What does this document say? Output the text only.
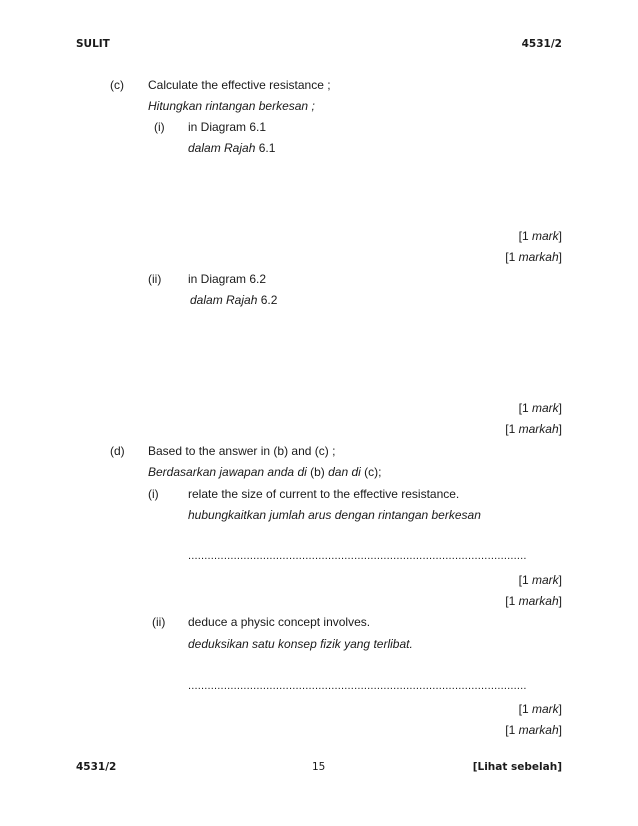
SULIT	4531/2
(c) Calculate the effective resistance ;
Hitungkan rintangan berkesan ;
(i) in Diagram 6.1
dalam Rajah 6.1
[1 mark]
[1 markah]
(ii) in Diagram 6.2
dalam Rajah 6.2
[1 mark]
[1 markah]
(d) Based to the answer in (b) and (c) ;
Berdasarkan jawapan anda di (b) dan di (c);
(i) relate the size of current to the effective resistance.
hubungkaitkan jumlah arus dengan rintangan berkesan
........................................................................................................
[1 mark]
[1 markah]
(ii) deduce a physic concept involves.
deduksikan satu konsep fizik yang terlibat.
........................................................................................................
[1 mark]
[1 markah]
4531/2	15	[Lihat sebelah]
